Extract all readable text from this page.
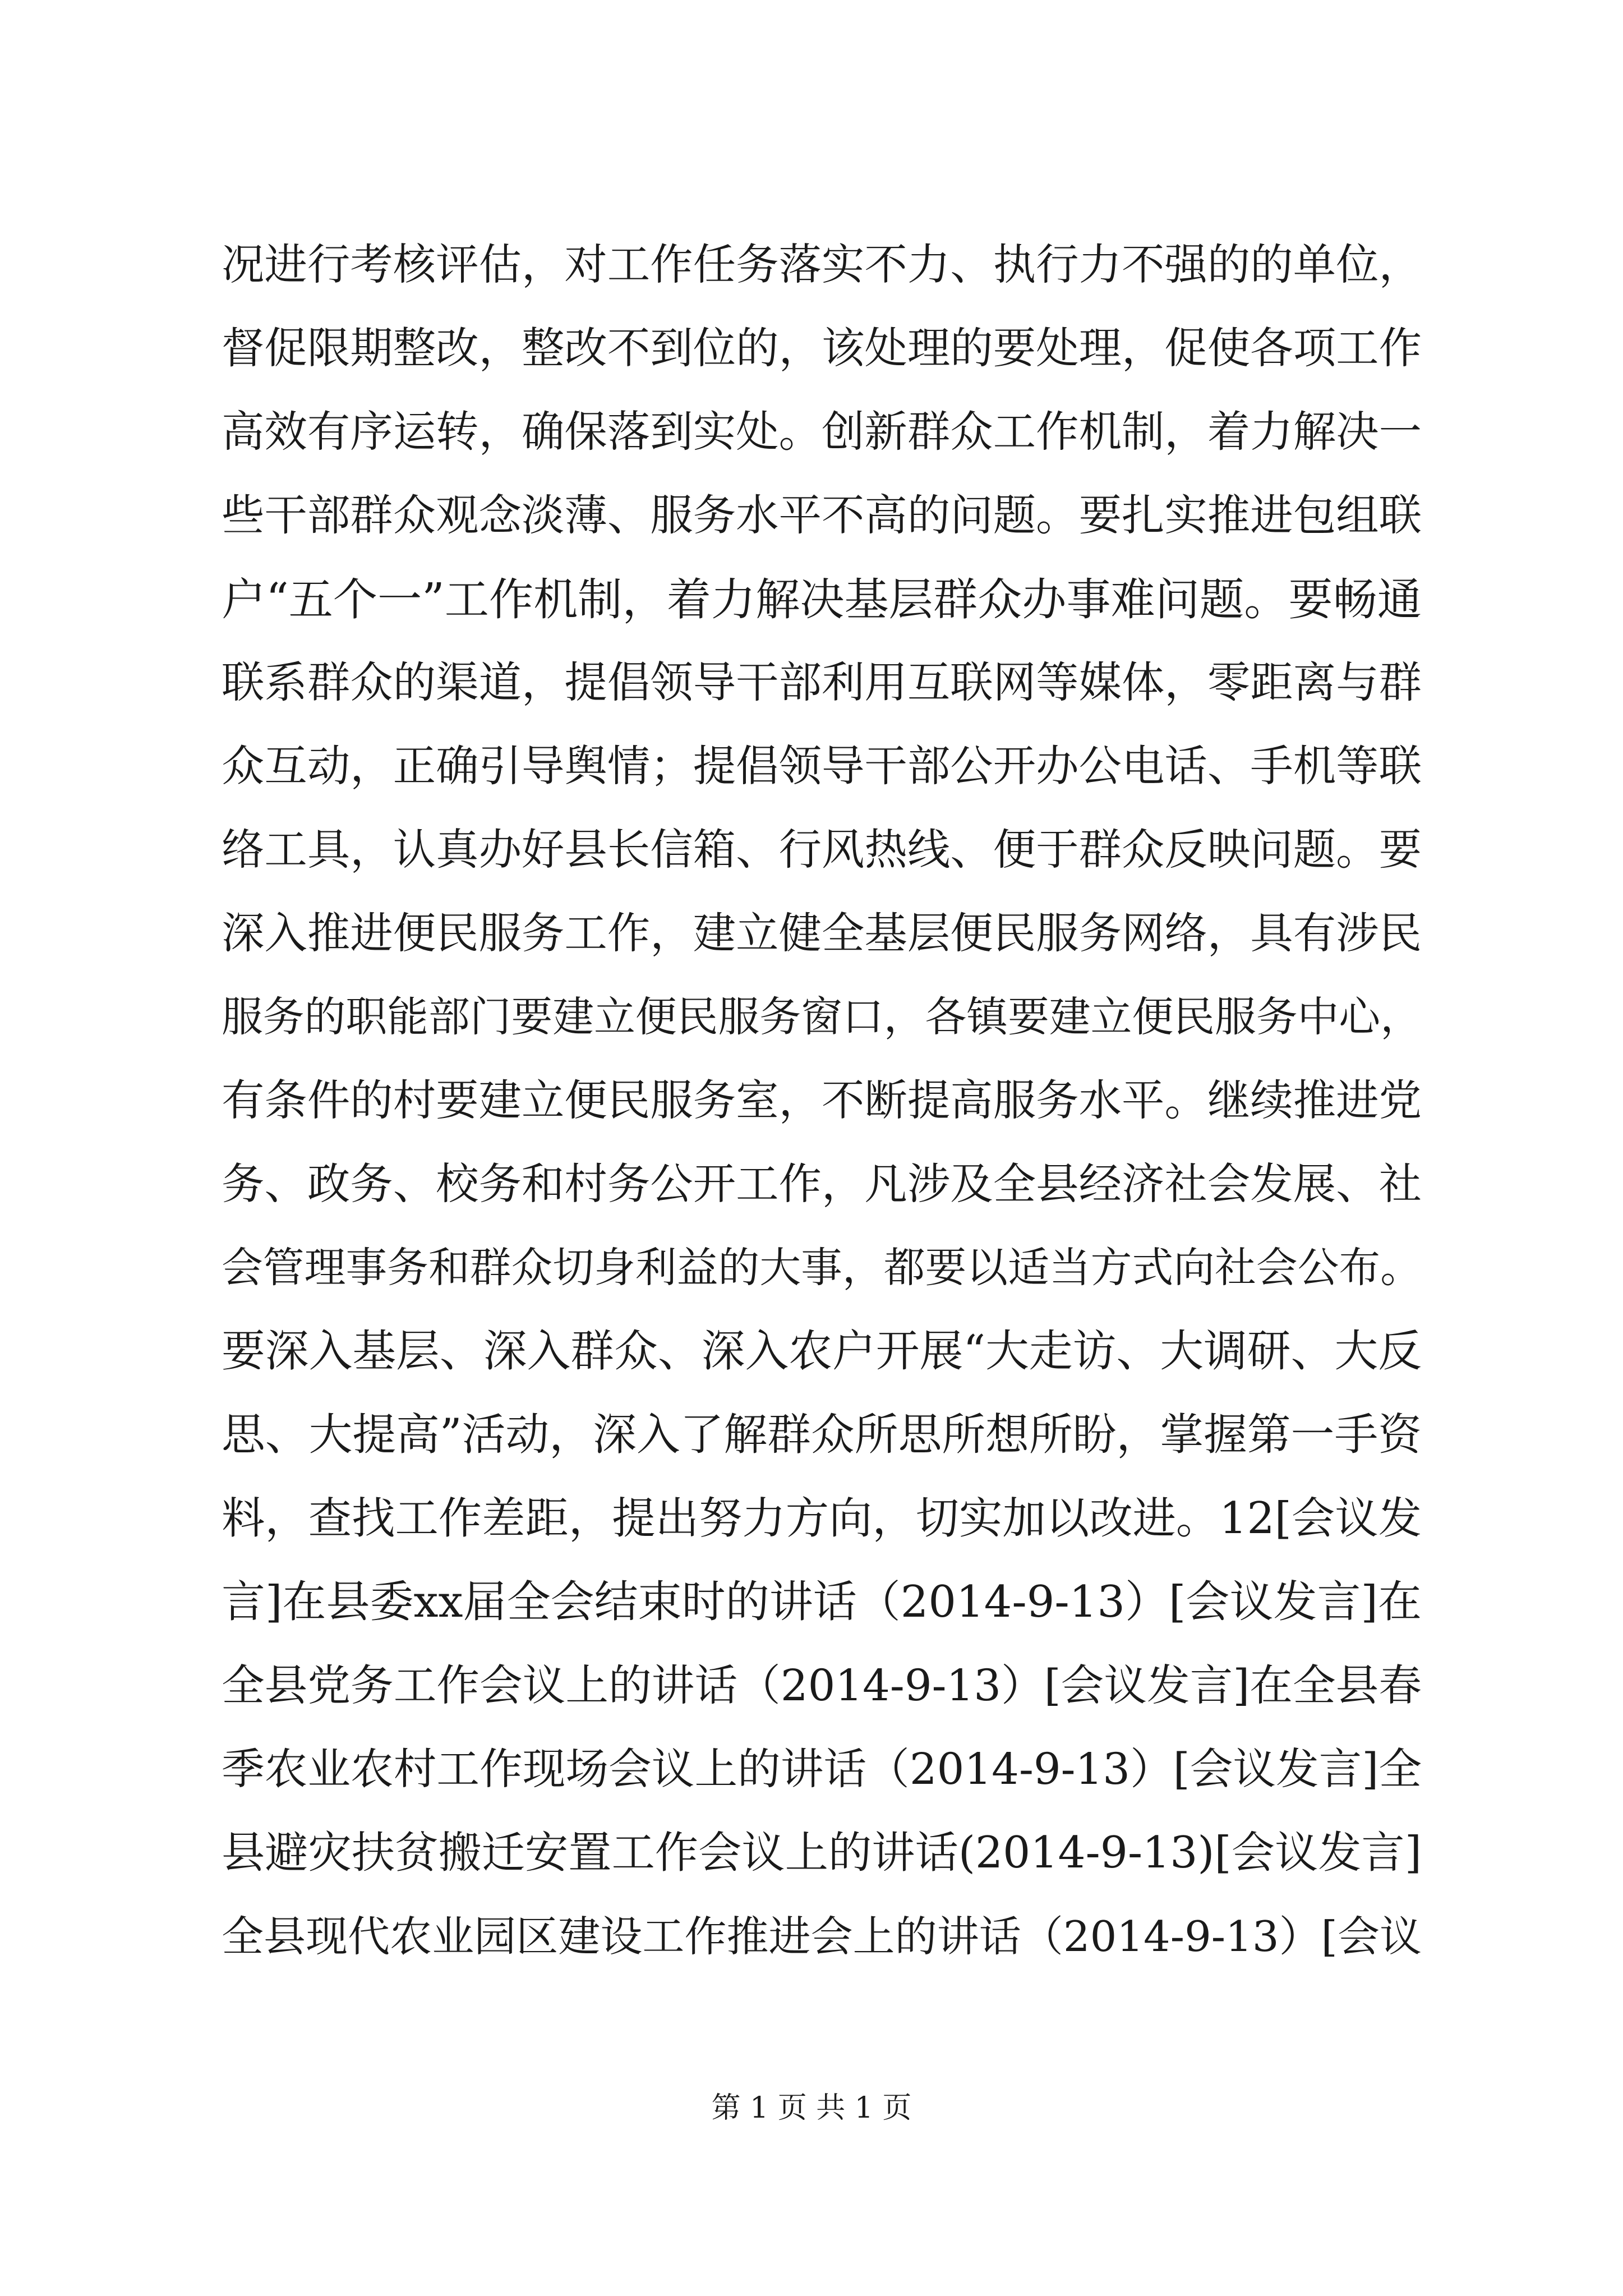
况进行考核评估，对工作任务落实不力、执行力不强的的单位，
督促限期整改，整改不到位的，该处理的要处理，促使各项工作
高效有序运转，确保落到实处。创新群众工作机制，着力解决一
些干部群众观念淡薄、服务水平不高的问题。要扎实推进包组联
户“五个一”工作机制，着力解决基层群众办事难问题。要畅通
联系群众的渠道，提倡领导干部利用互联网等媒体，零距离与群
众互动，正确引导舆情；提倡领导干部公开办公电话、手机等联
络工具，认真办好县长信箱、行风热线、便于群众反映问题。要
深入推进便民服务工作，建立健全基层便民服务网络，具有涉民
服务的职能部门要建立便民服务窗口，各镇要建立便民服务中心，
有条件的村要建立便民服务室，不断提高服务水平。继续推进党
务、政务、校务和村务公开工作，凡涉及全县经济社会发展、社
会管理事务和群众切身利益的大事，都要以适当方式向社会公布。
要深入基层、深入群众、深入农户开展“大走访、大调研、大反
思、大提高”活动，深入了解群众所思所想所盼，掌握第一手资
料，查找工作差距，提出努力方向，切实加以改进。12[会议发
言]在县委xx届全会结束时的讲话（2014-9-13）[会议发言]在
全县党务工作会议上的讲话（2014-9-13）[会议发言]在全县春
季农业农村工作现场会议上的讲话（2014-9-13）[会议发言]全
县避灾扶贫搬迁安置工作会议上的讲话(2014-9-13)[会议发言]
全县现代农业园区建设工作推进会上的讲话（2014-9-13）[会议
第 1 页 共 1 页
